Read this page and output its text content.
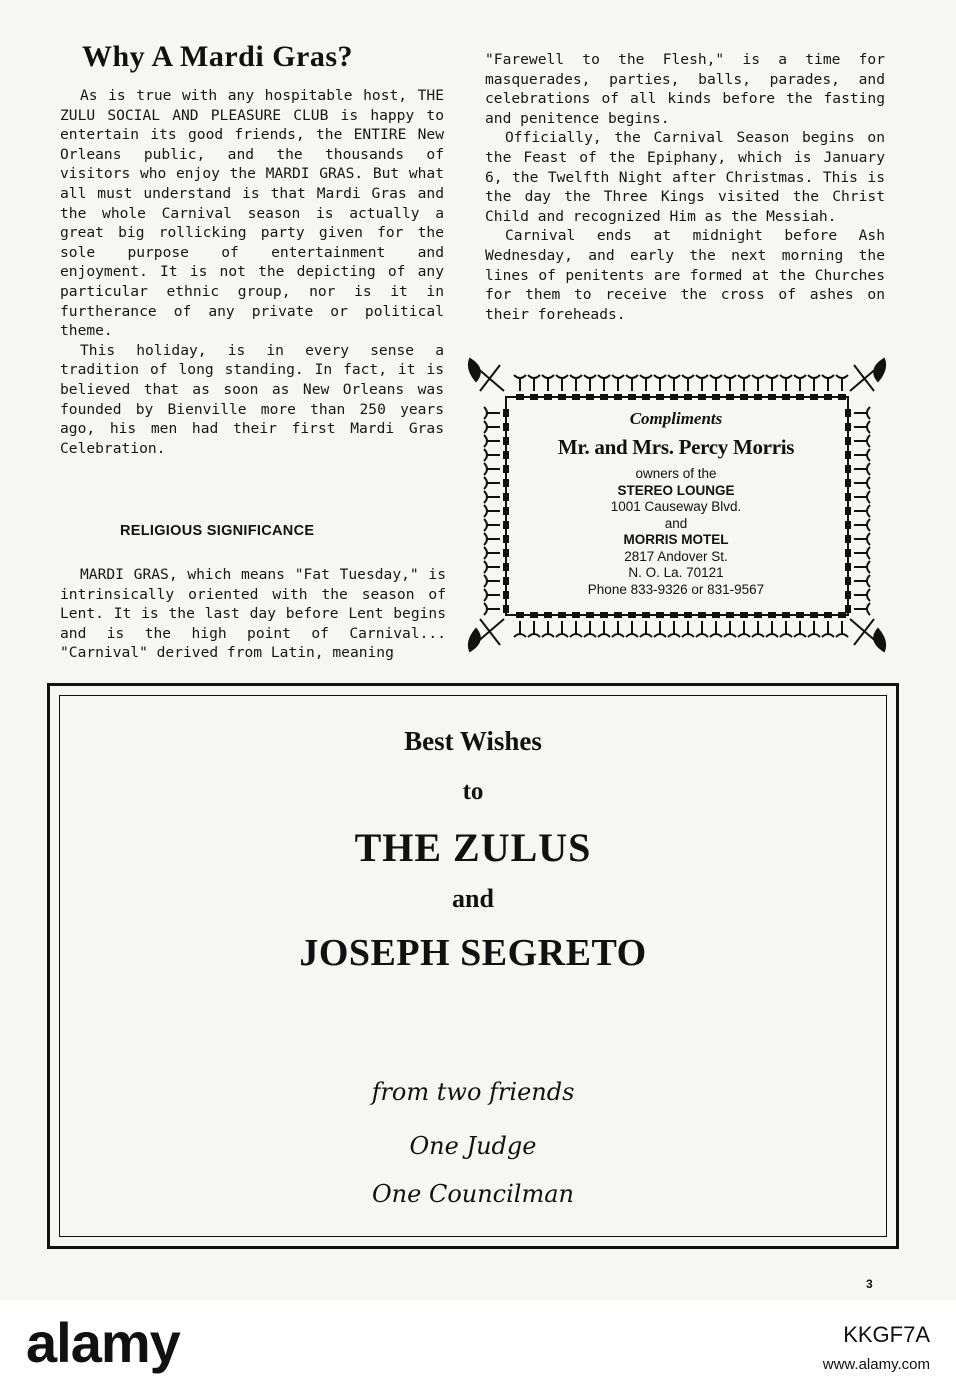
Why A Mardi Gras?

As is true with any hospitable host, THE ZULU SOCIAL AND PLEASURE CLUB is happy to entertain its good friends, the ENTIRE New Orleans public, and the thousands of visitors who enjoy the MARDI GRAS. But what all must understand is that Mardi Gras and the whole Carnival season is actually a great big rollicking party given for the sole purpose of entertainment and enjoyment. It is not the depicting of any particular ethnic group, nor is it in furtherance of any private or political theme.

This holiday, is in every sense a tradition of long standing. In fact, it is believed that as soon as New Orleans was founded by Bienville more than 250 years ago, his men had their first Mardi Gras Celebration.

RELIGIOUS SIGNIFICANCE

MARDI GRAS, which means "Fat Tuesday," is intrinsically oriented with the season of Lent. It is the last day before Lent begins and is the high point of Carnival... "Carnival" derived from Latin, meaning

"Farewell to the Flesh," is a time for masquerades, parties, balls, parades, and celebrations of all kinds before the fasting and penitence begins.

Officially, the Carnival Season begins on the Feast of the Epiphany, which is January 6, the Twelfth Night after Christmas. This is the day the Three Kings visited the Christ Child and recognized Him as the Messiah.

Carnival ends at midnight before Ash Wednesday, and early the next morning the lines of penitents are formed at the Churches for them to receive the cross of ashes on their foreheads.

Compliments
Mr. and Mrs. Percy Morris
owners of the
STEREO LOUNGE
1001 Causeway Blvd.
and
MORRIS MOTEL
2817 Andover St.
N. O. La. 70121
Phone 833-9326 or 831-9567
Best Wishes
to
THE ZULUS
and
JOSEPH SEGRETO
from two friends
One Judge
One Councilman
3
alamy	KKGF7A
www.alamy.com
